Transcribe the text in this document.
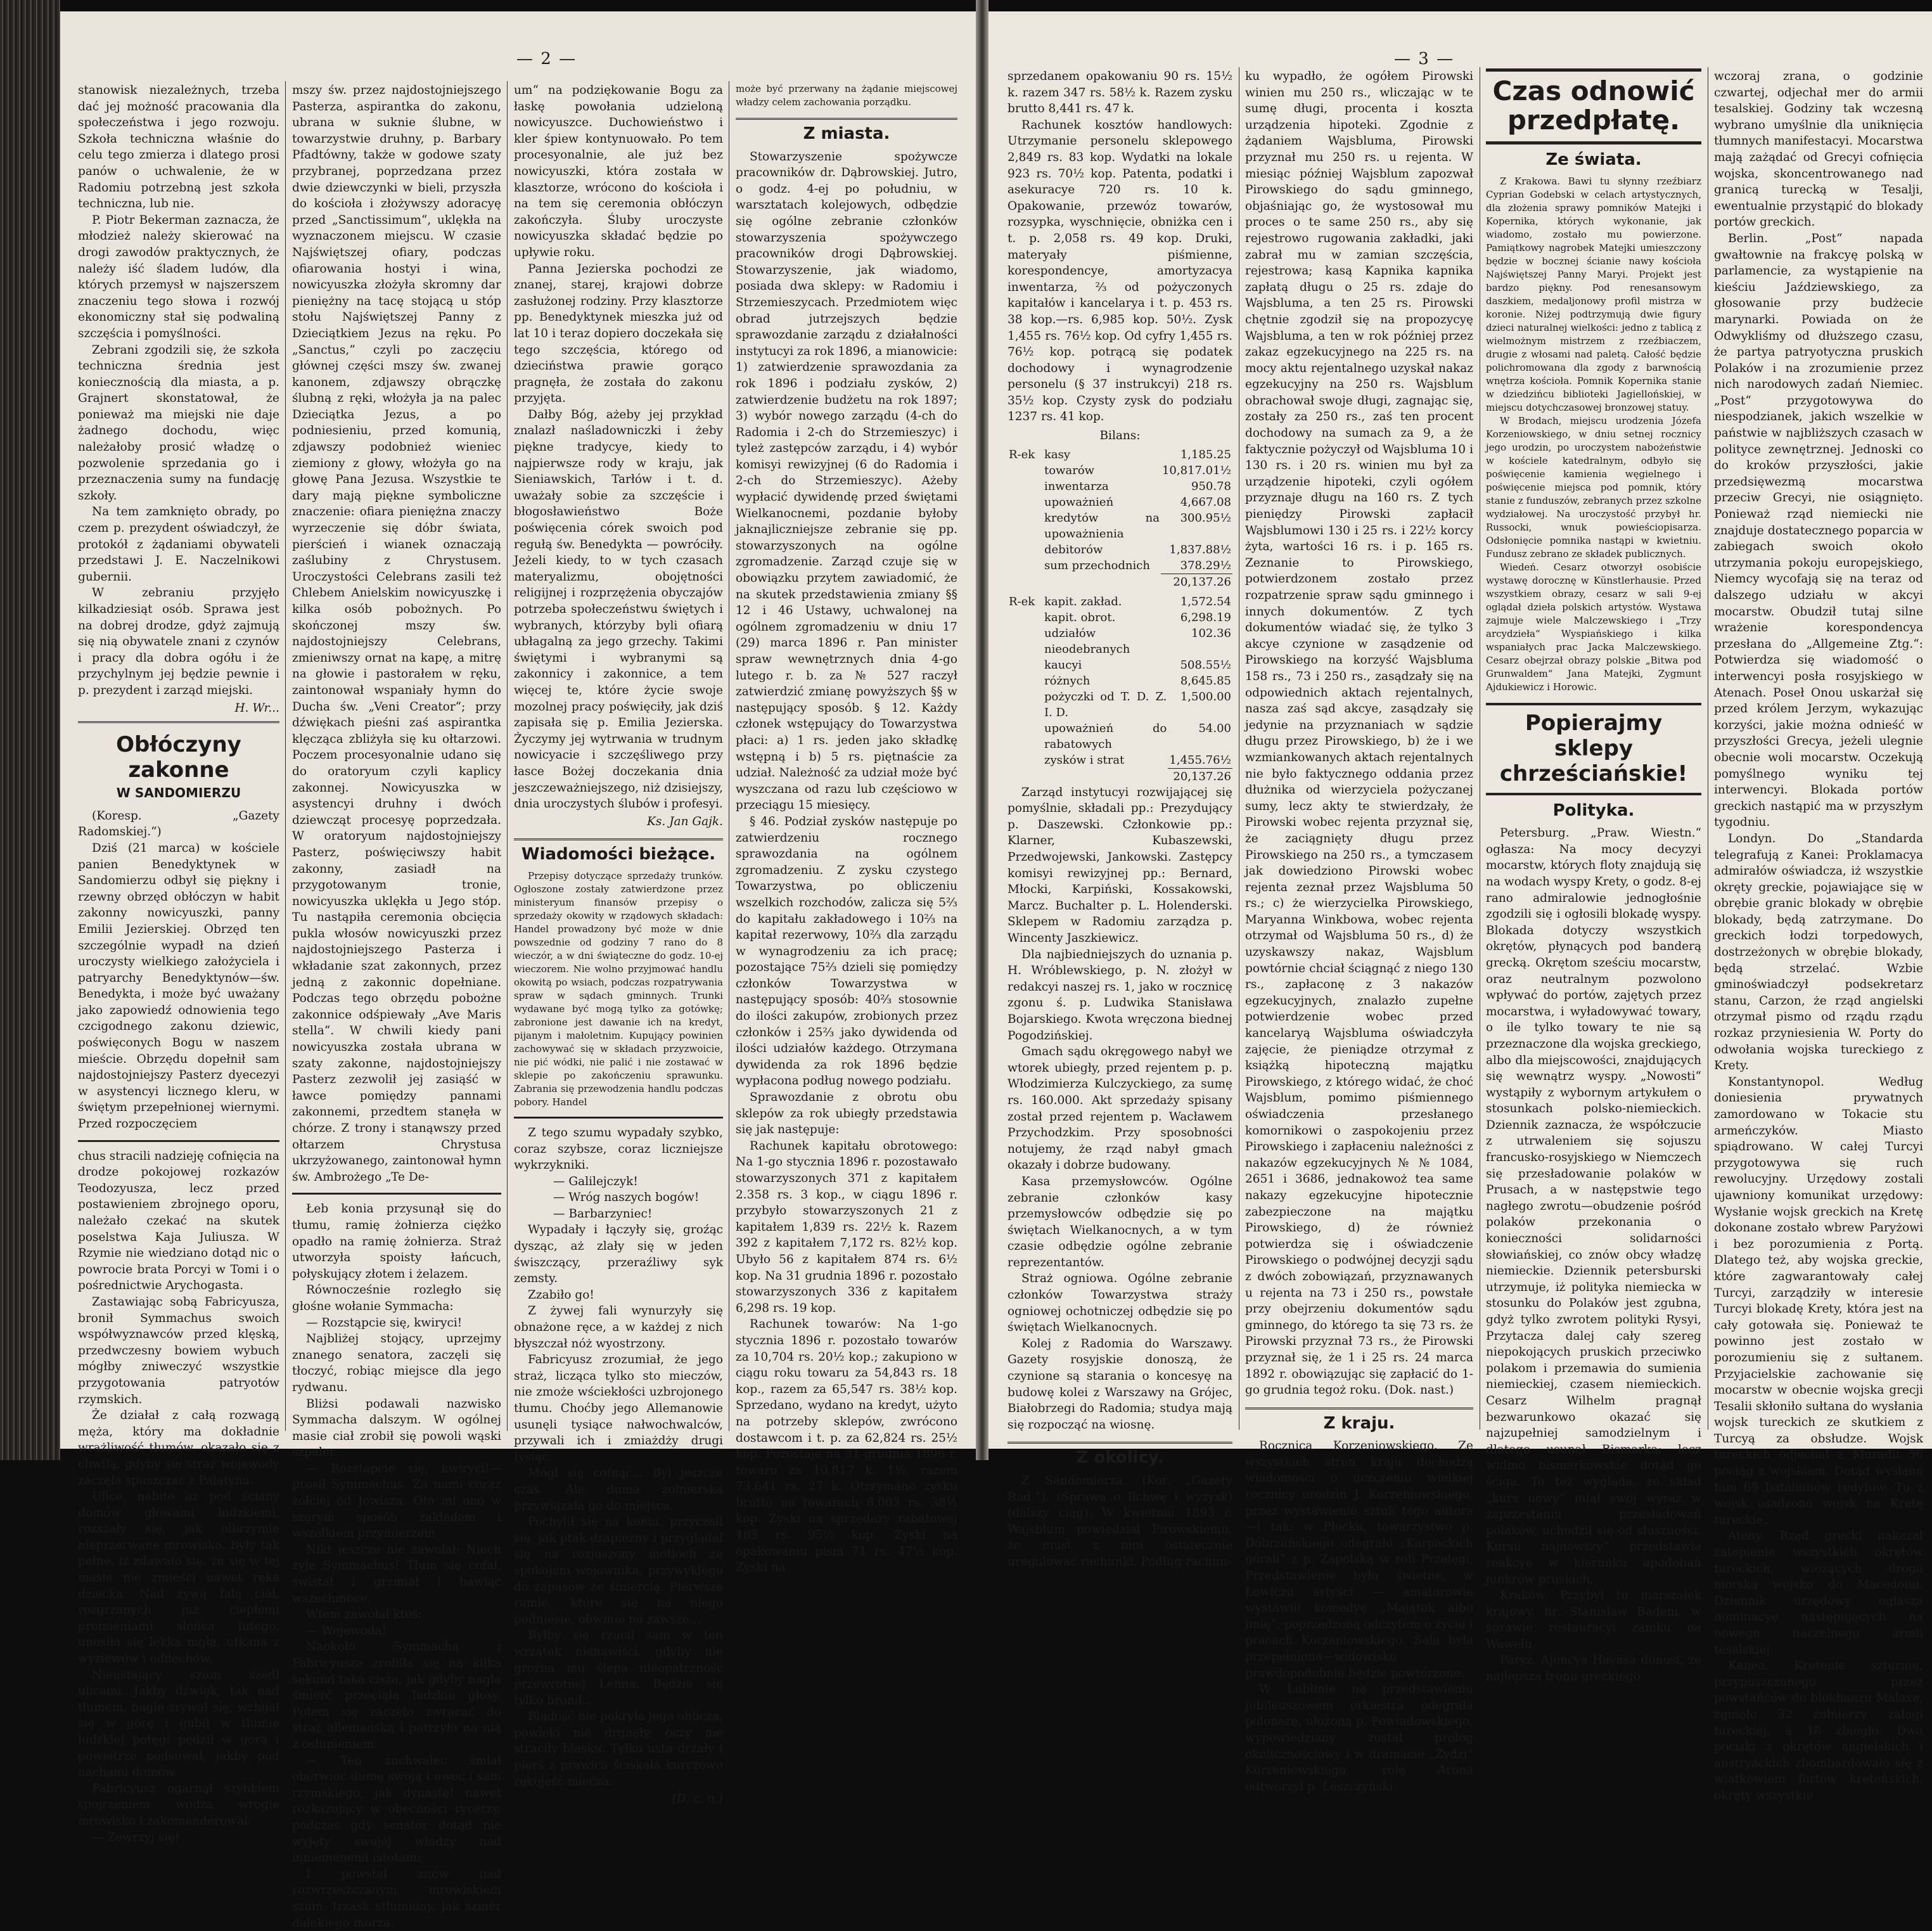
— 2 —

stanowisk niezależnych, trzeba dać jej możność pracowania dla społeczeństwa i jego rozwoju. Szkoła techniczna właśnie do celu tego zmierza i dlatego prosi panów o uchwalenie, że w Radomiu potrzebną jest szkoła techniczna, lub nie.

P. Piotr Bekerman zaznacza, że młodzież należy skierować na drogi zawodów praktycznych, że należy iść śladem ludów, dla których przemysł w najszerszem znaczeniu tego słowa i rozwój ekonomiczny stał się podwaliną szczęścia i pomyślności.

Zebrani zgodzili się, że szkoła techniczna średnia jest koniecznością dla miasta, a p. Grajnert skonstatował, że ponieważ ma miejski nie daje żadnego dochodu, więc należałoby prosić władzę o pozwolenie sprzedania go i przeznaczenia sumy na fundację szkoły.

Na tem zamknięto obrady, po czem p. prezydent oświadczył, że protokół z żądaniami obywateli przedstawi J. E. Naczelnikowi gubernii.

W zebraniu przyjęło kilkadziesiąt osób. Sprawa jest na dobrej drodze, gdyż zajmują się nią obywatele znani z czynów i pracy dla dobra ogółu i że przychylnym jej będzie pewnie i p. prezydent i zarząd miejski.

H. Wr...
Obłóczyny zakonne
W SANDOMIERZU

(Koresp. „Gazety Radomskiej.“)

Dziś (21 marca) w kościele panien Benedyktynek w Sandomierzu odbył się piękny i rzewny obrzęd obłóczyn w habit zakonny nowicyuszki, panny Emilii Jezierskiej. Obrzęd ten szczególnie wypadł na dzień uroczysty wielkiego założyciela i patryarchy Benedyktynów—św. Benedykta, i może być uważany jako zapowiedź odnowienia tego czcigodnego zakonu dziewic, poświęconych Bogu w naszem mieście. Obrzędu dopełnił sam najdostojniejszy Pasterz dyecezyi w asystencyi licznego kleru, w świętym przepełnionej wiernymi. Przed rozpoczęciem

chus stracili nadzieję cofnięcia na drodze pokojowej rozkazów Teodozyusza, lecz przed postawieniem zbrojnego oporu, należało czekać na skutek poselstwa Kaja Juliusza. W Rzymie nie wiedziano dotąd nic o powrocie brata Porcyi w Tomi i o pośrednictwie Arychogasta.

Zastawiając sobą Fabricyusza, bronił Symmachus swoich współwyznawców przed klęską, przedwczesny bowiem wybuch mógłby zniweczyć wszystkie przygotowania patryotów rzymskich.

Że działał z całą rozwagą męża, który ma dokładnie wrażliwość tłumów, okazało się z chwilą, gdyby się straż wojewody zaczęła spuszczać z Palatynu.

Ulice, nabite aż pod ściany domów głowami ludzkiemi, rozszały się, jak olbrzymie nieprzerwane mrowisko. Były tak pełne, iż zdawało się, że się w tej masie nie zmieści nawet ręka dziecka. Nad żywą falą ciał, rozgrzanych już ciepłemi promieniami słońca lutego, unosiła się lekka mgła, utkana z wyziewów i oddechów.

Nieustający szum szedł ulicami. Jakby dźwięk, tak nad tłumem, nagle zrywał się, wzbijał się w górę i gubił w tłumie ludzkiej potęgi pędził w gorą i powietrze podsuwał, jakby pod nachami domów.

Fabricyusz ogarnął szybkiem spojrzeniem wodza wrogie mrowisko i zakomenderował:

— Zewrzyj się!

mszy św. przez najdostojniejszego Pasterza, aspirantka do zakonu, ubrana w suknie ślubne, w towarzystwie druhny, p. Barbary Pfadtówny, także w godowe szaty przybranej, poprzedzana przez dwie dziewczynki w bieli, przyszła do kościoła i złożywszy adoracyę przed „Sanctissimum“, uklękła na wyznaczonem miejscu. W czasie Najświętszej ofiary, podczas ofiarowania hostyi i wina, nowicyuszka złożyła skromny dar pieniężny na tacę stojącą u stóp stołu Najświętszej Panny z Dzieciątkiem Jezus na ręku. Po „Sanctus,“ czyli po zaczęciu głównej części mszy św. zwanej kanonem, zdjawszy obrączkę ślubną z ręki, włożyła ja na palec Dzieciątka Jezus, a po podniesieniu, przed komunią, zdjawszy podobnież wieniec ziemiony z głowy, włożyła go na głowę Pana Jezusa. Wszystkie te dary mają piękne symboliczne znaczenie: ofiara pieniężna znaczy wyrzeczenie się dóbr świata, pierścień i wianek oznaczają zaślubiny z Chrystusem. Uroczystości Celebrans zasili też Chlebem Anielskim nowicyuszkę i kilka osób pobożnych. Po skończonej mszy św. najdostojniejszy Celebrans, zmieniwszy ornat na kapę, a mitrę na głowie i pastorałem w ręku, zaintonował wspaniały hymn do Ducha św. „Veni Creator“; przy dźwiękach pieśni zaś aspirantka klęcząca zbliżyła się ku ołtarzowi. Poczem procesyonalnie udano się do oratoryum czyli kaplicy zakonnej. Nowicyuszka w asystencyi druhny i dwóch dziewcząt procesyę poprzedzała. W oratoryum najdostojniejszy Pasterz, poświęciwszy habit zakonny, zasiadł na przygotowanym tronie, nowicyuszka uklękła u Jego stóp. Tu nastąpiła ceremonia obcięcia pukla włosów nowicyuszki przez najdostojniejszego Pasterza i wkładanie szat zakonnych, przez jedną z zakonnic dopełniane. Podczas tego obrzędu pobożne zakonnice odśpiewały „Ave Maris stella“. W chwili kiedy pani nowicyuszka została ubrana w szaty zakonne, najdostojniejszy Pasterz zezwolił jej zasiąść w ławce pomiędzy pannami zakonnemi, przedtem stanęła w chórze. Z trony i stanąwszy przed ołtarzem Chrystusa ukrzyżowanego, zaintonował hymn św. Ambrożego „Te De-

Łeb konia przysunął się do tłumu, ramię żołnierza ciężko opadło na ramię żołnierza. Straż utworzyła spoisty łańcuch, połyskujący złotem i żelazem.

Równocześnie rozległo się głośne wołanie Symmacha:

— Rozstąpcie się, kwiryci!

Najbliżej stojący, uprzejmy znanego senatora, zaczęli się tłoczyć, robiąc miejsce dla jego rydwanu.

Bliżsi podawali nazwisko Symmacha dalszym. W ogólnej masie ciał zrobił się powoli wąski szpaler.

— Rozstąpcie się, kwiryci!—prosił Symmachus. Za nami coraz żółciej od Jowisza. Oto mi ono w szarym sposób zakładem i wszelkiem przymierzem.

Nikt jeszcze nie zawołał: Niech żyje Symmachus! Tłum się cofał, świstał i grzmiał i bawiąc wszechmoce.

Wtem zawołał ktoś:

— Wojewoda!

Naokoło Symmacha i Fabricyusza zrobiła się na kilka sekund taka cisza, jak gdyby nagła śmierć przeciąła ludzkie głosy. Potem się zaczęło zwracać do straż allemańską i patrzyło na nią z osłupieniem.

— Ten zuchwalec śmiał oberwieć dumę swoją i owoc i sam rzymskiego, jak dynastę! nawet rozkazujący w obecności rycerzy, podczas gdy senator dotąd nie wyjęty swojej władzy nad mniemanemi istotami.

I powstał znów nad rozwrzeszczanym mrowiskiem szum, trzask stłumiony, jak szmer dalekiego morza.

um“ na podziękowanie Bogu za łaskę powołania udzieloną nowicyuszce. Duchowieństwo i kler śpiew kontynuowało. Po tem procesyonalnie, ale już bez nowicyuszki, która została w klasztorze, wrócono do kościoła i na tem się ceremonia obłóczyn zakończyła. Śluby uroczyste nowicyuszka składać będzie po upływie roku.

Panna Jezierska pochodzi ze znanej, starej, krajowi dobrze zasłużonej rodziny. Przy klasztorze pp. Benedyktynek mieszka już od lat 10 i teraz dopiero doczekała się tego szczęścia, którego od dzieciństwa prawie gorąco pragnęła, że została do zakonu przyjęta.

Dałby Bóg, ażeby jej przykład znalazł naśladowniczki i żeby piękne tradycye, kiedy to najpierwsze rody w kraju, jak Sieniawskich, Tarłów i t. d. uważały sobie za szczęście i błogosławieństwo Boże poświęcenia córek swoich pod regułą św. Benedykta — powróciły. Jeżeli kiedy, to w tych czasach materyalizmu, obojętności religijnej i rozprzężenia obyczajów potrzeba społeczeństwu świętych i wybranych, którzyby byli ofiarą ubłagalną za jego grzechy. Takimi świętymi i wybranymi są zakonnicy i zakonnice, a tem więcej te, które życie swoje mozolnej pracy poświęciły, jak dziś zapisała się p. Emilia Jezierska. Życzymy jej wytrwania w trudnym nowicyacie i szczęśliwego przy łasce Bożej doczekania dnia jeszczeważniejszego, niż dzisiejszy, dnia uroczystych ślubów i profesyi.

Ks. Jan Gajk.
Wiadomości bieżące.

Przepisy dotyczące sprzedaży trunków. Ogłoszone zostały zatwierdzone przez ministeryum finansów przepisy o sprzedaży okowity w rządowych składach: Handel prowadzony być może w dnie powszednie od godziny 7 rano do 8 wieczór, a w dni świąteczne do godz. 10-ej wieczorem. Nie wolno przyjmować handlu okowitą po wsiach, podczas rozpatrywania spraw w sądach gminnych. Trunki wydawane być mogą tylko za gotówkę; zabronione jest dawanie ich na kredyt, pijanym i małoletnim. Kupujący powinien zachowywać się w składach przyzwoicie, nie pić wódki, nie palić i nie zostawać w sklepie po zakończeniu sprawunku. Zabrania się przewodzenia handlu podczas pobory. Handel

Z tego szumu wypadały szybko, coraz szybsze, coraz liczniejsze wykrzykniki.

— Galilejczyk!

— Wróg naszych bogów!

— Barbarzyniec!

Wypadały i łączyły się, groźąc dysząc, aż zlały się w jeden świszczący, przeraźliwy syk zemsty.

Zzabiło go!

Z żywej fali wynurzyły się obnażone ręce, a w każdej z nich błyszczał nóż wyostrzony.

Fabricyusz zrozumiał, że jego straż, licząca tylko sto mieczów, nie zmoże wściekłości uzbrojonego tłumu. Choćby jego Allemanowie usunęli tysiące nałwochwalców, przywali ich i zmiażdży drugi tysiąc.

Mógł się cofnąć... Byl jeszcze czas. Ale duma żołnierska przywiązała go do miejsca.

Pochylił się na koniu, przyczaił się, jak ptak drapieżny i przyglądał się na rozjuszony motloch ze spokojem wojownika, przywykłego do zapasów ze śmiercią. Pierwsze ramię, które się na niego podniesie, obwinie na zawsze...

Byłby się rzucił sam w ten wrzątek nienawiści, gdyby nie groźna mu ślepa nieopatrzność przewrotnej Lenna. Będzie się tylko bronił...

Bladość nie pokryła jego oblicza, powieki nie drgnęły, oczy nie straciły blasku. Tylko usta drżały i pierś z prawica ściskała kurczowo rękojeść miecza.

(D. c. n.)

może być przerwany na żądanie miejscowej władzy celem zachowania porządku.

Z miasta.

Stowarzyszenie spożywcze pracowników dr. Dąbrowskiej. Jutro, o godz. 4-ej po południu, w warsztatach kolejowych, odbędzie się ogólne zebranie członków stowarzyszenia spożywczego pracowników drogi Dąbrowskiej. Stowarzyszenie, jak wiadomo, posiada dwa sklepy: w Radomiu i Strzemieszycach. Przedmiotem więc obrad jutrzejszych będzie sprawozdanie zarządu z działalności instytucyi za rok 1896, a mianowicie: 1) zatwierdzenie sprawozdania za rok 1896 i podziału zysków, 2) zatwierdzenie budżetu na rok 1897; 3) wybór nowego zarządu (4-ch do Radomia i 2-ch do Strzemieszyc) i tyleż zastępców zarządu, i 4) wybór komisyi rewizyjnej (6 do Radomia i 2-ch do Strzemieszyc). Ażeby wypłacić dywidendę przed świętami Wielkanocnemi, pozdanie byłoby jaknajliczniejsze zebranie się pp. stowarzyszonych na ogólne zgromadzenie. Zarząd czuje się w obowiązku przytem zawiadomić, że na skutek przedstawienia zmiany §§ 12 i 46 Ustawy, uchwalonej na ogólnem zgromadzeniu w dniu 17 (29) marca 1896 r. Pan minister spraw wewnętrznych dnia 4-go lutego r. b. za № 527 raczył zatwierdzić zmianę powyższych §§ w następujący sposób. § 12. Każdy członek wstępujący do Towarzystwa płaci: a) 1 rs. jeden jako składkę wstępną i b) 5 rs. piętnaście za udział. Należność za udział może być wyszczana od razu lub częściowo w przeciągu 15 miesięcy.

§ 46. Podział zysków następuje po zatwierdzeniu rocznego sprawozdania na ogólnem zgromadzeniu. Z zysku czystego Towarzystwa, po obliczeniu wszelkich rozchodów, zalicza się 5⅔ do kapitału zakładowego i 10⅔ na kapitał rezerwowy, 10⅔ dla zarządu w wynagrodzeniu za ich pracę; pozostające 75⅔ dzieli się pomiędzy członków Towarzystwa w następujący sposób: 40⅔ stosownie do ilości zakupów, zrobionych przez członków i 25⅔ jako dywidenda od ilości udziałów każdego. Otrzymana dywidenda za rok 1896 będzie wypłacona podług nowego podziału.

Sprawozdanie z obrotu obu sklepów za rok ubiegły przedstawia się jak następuje:

Rachunek kapitału obrotowego: Na 1-go stycznia 1896 r. pozostawało stowarzyszonych 371 z kapitałem 2.358 rs. 3 kop., w ciągu 1896 r. przybyło stowarzyszonych 21 z kapitałem 1,839 rs. 22½ k. Razem 392 z kapitałem 7,172 rs. 82½ kop. Ubyło 56 z kapitałem 874 rs. 6½ kop. Na 31 grudnia 1896 r. pozostało stowarzyszonych 336 z kapitałem 6,298 rs. 19 kop.

Rachunek towarów: Na 1-go stycznia 1896 r. pozostało towarów za 10,704 rs. 20½ kop.; zakupiono w ciągu roku towaru za 54,843 rs. 18 kop., razem za 65,547 rs. 38½ kop. Sprzedano, wydano na kredyt, użyto na potrzeby sklepów, zwrócono dostawcom i t. p. za 62,824 rs. 25½ kop. Pozostaje na 31 grudnia 1896 r. towaru za 10,817 k. 1½, razem 73,641 rs. 27 k. Otrzymano zysku brutto na towarach 8,003 rs. 38½ kop. Zyski na sprzedaży rabatowej 185 rs. 95½ kop. Zyski na opakowaniu pism 71 rs. 47½ kop. Zyski na

— 3 —

sprzedanem opakowaniu 90 rs. 15½ k. razem 347 rs. 58½ k. Razem zysku brutto 8,441 rs. 47 k.

Rachunek kosztów handlowych: Utrzymanie personelu sklepowego 2,849 rs. 83 kop. Wydatki na lokale 923 rs. 70½ kop. Patenta, podatki i asekuracye 720 rs. 10 k. Opakowanie, przewóz towarów, rozsypka, wyschnięcie, obniżka cen i t. p. 2,058 rs. 49 kop. Druki, materyały piśmienne, korespondencye, amortyzacya inwentarza, ⅔ od pożyczonych kapitałów i kancelarya i t. p. 453 rs. 38 kop.—rs. 6,985 kop. 50½. Zysk 1,455 rs. 76½ kop. Od cyfry 1,455 rs. 76½ kop. potrącą się podatek dochodowy i wynagrodzenie personelu (§ 37 instrukcyi) 218 rs. 35½ kop. Czysty zysk do podziału 1237 rs. 41 kop.

Bilans:
R-ek	kasy	1,185.25
	towarów	10,817.01½
	inwentarza	950.78
	upoważnień	4,667.08
	kredytów na upoważnienia	300.95½
	debitorów	1,837.88½
	sum przechodnich	378.29½
		20,137.26
R-ek	kapit. zakład.	1,572.54
	kapit. obrot.	6,298.19
	udziałów nieodebranych	102.36
	kaucyi	508.55½
	różnych	8,645.85
	pożyczki od T. D. Z. I. D.	1,500.00
	upoważnień do rabatowych	54.00
	zysków i strat	1,455.76½
		20,137.26

Zarząd instytucyi rozwijającej się pomyślnie, składali pp.: Prezydujący p. Daszewski. Członkowie pp.: Klarner, Kubaszewski, Przedwojewski, Jankowski. Zastępcy komisyi rewizyjnej pp.: Bernard, Młocki, Karpiński, Kossakowski, Marcz. Buchalter p. L. Holenderski. Sklepem w Radomiu zarządza p. Wincenty Jaszkiewicz.

Dla najbiedniejszych do uznania p. H. Wróblewskiego, p. N. złożył w redakcyi naszej rs. 1, jako w rocznicę zgonu ś. p. Ludwika Stanisława Bojarskiego. Kwota wręczona biednej Pogodzińskiej.

Gmach sądu okręgowego nabył we wtorek ubiegły, przed rejentem p. p. Włodzimierza Kulczyckiego, za sumę rs. 160.000. Akt sprzedaży spisany został przed rejentem p. Wacławem Przychodzkim. Przy sposobności notujemy, że rząd nabył gmach okazały i dobrze budowany.

Kasa przemysłowców. Ogólne zebranie członków kasy przemysłowców odbędzie się po świętach Wielkanocnych, a w tym czasie odbędzie ogólne zebranie reprezentantów.

Straż ogniowa. Ogólne zebranie członków Towarzystwa straży ogniowej ochotniczej odbędzie się po świętach Wielkanocnych.

Kolej z Radomia do Warszawy. Gazety rosyjskie donoszą, że czynione są starania o koncesyę na budowę kolei z Warszawy na Grójec, Białobrzegi do Radomia; studya mają się rozpocząć na wiosnę.

Z okolicy.

Z Sandomierza. (Kor. „Gazety Rad.“). (Sprawa o lichwę i wyzysk) (dalszy ciąg). W kwietniu 1893 r. Wajsblum powiedział Pirowskiemu, że musi z nim ostatecznie uregulować rachunki. Podług rachun-

ku wypadło, że ogółem Pirowski winien mu 250 rs., wliczając w te sumę długi, procenta i koszta urządzenia hipoteki. Zgodnie z żądaniem Wajsbluma, Pirowski przyznał mu 250 rs. u rejenta. W miesiąc później Wajsblum zapozwał Pirowskiego do sądu gminnego, objaśniając go, że wystosował mu proces o te same 250 rs., aby się rejestrowo rugowania zakładki, jaki zabrał mu w zamian szczęścia, rejestrowa; kasą Kapnika kapnika zapłatą długu o 25 rs. zdaje do Wajsbluma, a ten 25 rs. Pirowski chętnie zgodził się na propozycyę Wajsbluma, a ten w rok później przez zakaz egzekucyjnego na 225 rs. na mocy aktu rejentalnego uzyskał nakaz egzekucyjny na 250 rs. Wajsblum obrachował swoje długi, zagnając się, zostały za 250 rs., zaś ten procent dochodowy na sumach za 9, a że faktycznie pożyczył od Wajsbluma 10 i 130 rs. i 20 rs. winien mu był za urządzenie hipoteki, czyli ogółem przyznaje długu na 160 rs. Z tych pieniędzy Pirowski zapłacił Wajsblumowi 130 i 25 rs. i 22½ korcy żyta, wartości 16 rs. i p. 165 rs. Zeznanie to Pirowskiego, potwierdzonem zostało przez rozpatrzenie spraw sądu gminnego i innych dokumentów. Z tych dokumentów wiadać się, że tylko 3 akcye czynione w zasądzenie od Pirowskiego na korzyść Wajsbluma 158 rs., 73 i 250 rs., zasądzały się na odpowiednich aktach rejentalnych, nasza zaś sąd akcye, zasądzały się jedynie na przyznaniach w sądzie długu przez Pirowskiego, b) że i we wzmiankowanych aktach rejentalnych nie było faktycznego oddania przez dłużnika od wierzyciela pożyczanej sumy, lecz akty te stwierdzały, że Pirowski wobec rejenta przyznał się, że zaciągnięty długu przez Pirowskiego na 250 rs., a tymczasem jak dowiedziono Pirowski wobec rejenta zeznał przez Wajsbluma 50 rs.; c) że wierzycielka Pirowskiego, Maryanna Winkbowa, wobec rejenta otrzymał od Wajsbluma 50 rs., d) że uzyskawszy nakaz, Wajsblum powtórnie chciał ściągnąć z niego 130 rs., zapłaconę z 3 nakazów egzekucyjnych, znalazło zupełne potwierdzenie wobec przed kancelaryą Wajsbluma oświadczyła zajęcie, że pieniądze otrzymał z książką hipoteczną majątku Pirowskiego, z którego widać, że choć Wajsblum, pomimo piśmiennego oświadczenia przesłanego komornikowi o zaspokojeniu przez Pirowskiego i zapłaceniu należności z nakazów egzekucyjnych № № 1084, 2651 i 3686, jednakowoż tea same nakazy egzekucyjne hipotecznie zabezpieczone na majątku Pirowskiego, d) że również potwierdza się i oświadczenie Pirowskiego o podwójnej decyzji sądu z dwóch zobowiązań, przyznawanych u rejenta na 73 i 250 rs., powstałe przy obejrzeniu dokumentów sądu gminnego, do którego ta się 73 rs. że Pirowski przyznał 73 rs., że Pirowski przyznał się, że 1 i 25 rs. 24 marca 1892 r. obowiązując się zapłacić do 1-go grudnia tegoż roku. (Dok. nast.)

Z kraju.

Rocznica Korzeniowskiego. Ze wszystkich stron kraju dochodzą wiadomości o uczczeniu wielkiej rocznicy urodzin J. Korzeniowskiego, przez wystawienie sztuk tego autora—i tak: w Płocku, towarzystwo p. Dobrzańskiego odegrało „Karpackich górali“ z p. Zapolską w roli Przełęgi, Przedstawienie było świetne, w Łowiczu artyści — amatorowie wystawili komedyę „Majątek albo imię“, poprzedzoną odczytem o życiu i pracach Korzeniowskiego. Sala była przepełniona—widowisko prawdopodobnie będzie powtórzone.

W Lublinie na przedstawieniu jubileuszowem orkiestra odegrała polonezę, ułożoną p. Powiadowskiego, wypowiedziany został prolog okolicznościowy i w dramacie „Żydzi“ Korzeniowskiego, rolę Arona odtworzył p. Leszczyński.

Czas odnowić przedpłatę.
Ze świata.

Z Krakowa. Bawi tu słynny rzeźbiarz Cyprian Godebski w celach artystycznych, dla złożenia sprawy pomników Matejki i Kopernika, których wykonanie, jak wiadomo, zostało mu powierzone. Pamiątkowy nagrobek Matejki umieszczony będzie w bocznej ścianie nawy kościoła Najświętszej Panny Maryi. Projekt jest bardzo piękny. Pod renesansowym daszkiem, medaljonowy profil mistrza w koronie. Niżej podtrzymują dwie figury dzieci naturalnej wielkości: jedno z tablicą z wielmożnym mistrzem z rzeźbiaczem, drugie z włosami nad paletą. Całość będzie polichromowana dla zgody z barwnością wnętrza kościoła. Pomnik Kopernika stanie w dziedzińcu biblioteki Jagiellońskiej, w miejscu dotychczasowej bronzowej statuy.

W Brodach, miejscu urodzenia Józefa Korzeniowskiego, w dniu setnej rocznicy jego urodzin, po uroczystem nabożeństwie w kościele katedralnym, odbyło się poświęcenie kamienia węgielnego i poświęcenie miejsca pod pomnik, który stanie z funduszów, zebranych przez szkolne wydziałowej. Na uroczystość przybył hr. Russocki, wnuk powieściopisarza. Odsłonięcie pomnika nastąpi w kwietniu. Fundusz zebrano ze składek publicznych.

Wiedeń. Cesarz otworzył osobiście wystawę dorocznę w Künstlerhausie. Przed wszystkiem obrazy, cesarz w sali 9-ej oglądał dzieła polskich artystów. Wystawa zajmuje wiele Malczewskiego i „Trzy arcydzieła“ Wyspiańskiego i kilka wspaniałych prac Jacka Malczewskiego. Cesarz obejrzał obrazy polskie „Bitwa pod Grunwaldem“ Jana Matejki, Zygmunt Ajdukiewicz i Horowic.

Popierajmy sklepy chrześciańskie!
Polityka.

Petersburg. „Praw. Wiestn.“ ogłasza: Na mocy decyzyi mocarstw, których floty znajdują się na wodach wyspy Krety, o godz. 8-ej rano admiralowie jednogłośnie zgodzili się i ogłosili blokadę wyspy. Blokada dotyczy wszystkich okrętów, płynących pod banderą grecką. Okrętom sześciu mocarstw, oraz neutralnym pozwolono wpływać do portów, zajętych przez mocarstwa, i wyładowywać towary, o ile tylko towary te nie są przeznaczone dla wojska greckiego, albo dla miejscowości, znajdujących się wewnątrz wyspy. „Nowosti“ wystąpiły z wybornym artykułem o stosunkach polsko-niemieckich. Dziennik zaznacza, że współczucie z utrwaleniem się sojuszu francusko-rosyjskiego w Niemczech się przesładowanie polaków w Prusach, a w następstwie tego nagłego zwrotu—obudzenie pośród polaków przekonania o konieczności solidarności słowiańskiej, co znów obcy władzę niemieckie. Dziennik petersburski utrzymuje, iż polityka niemiecka w stosunku do Polaków jest zgubna, gdyż tylko zwrotem polityki Rysyi, Przytacza dalej cały szereg niepokojących pruskich przeciwko polakom i przemawia do sumienia niemieckiej, czasem niemieckich. Cesarz Wilhelm pragnął bezwarunkowo okazać się najzupełniej samodzielnym i dlatego usunął Bismarka; lecz widmo bismarkowskie dotąd go ściga. To też wygląda, że skład „kurs nowy“ miał swój wyraz w zaprzestaniu przesładowań polaków, uchodził się od słuszności. Kursu najnowszy“ przedstawia reakcyę w kierunku upodobań junkrów pruskich.

Kraków. Przybył tu marszałek krajowy, hr. Stanisław Badeni, w sprawie restauracyi zamku na Wawelu.

Paryż. Ajencya Havasa donosi, że najlepsza tronu greckiego

wczoraj zrana, o godzinie czwartej, odjechał mer do armii tesalskiej. Godziny tak wczesną wybrano umyślnie dla uniknięcia tłumnych manifestacyi. Mocarstwa mają zażądać od Grecyi cofnięcia wojska, skoncentrowanego nad granicą turecką w Tesalji, ewentualnie przystąpić do blokady portów greckich.

Berlin. „Post“ napada gwałtownie na frakcyę polską w parlamencie, za wystąpienie na kieściu Jaździewskiego, za głosowanie przy budżecie marynarki. Powiada on że Odwykliśmy od dłuższego czasu, że partya patryotyczna pruskich Polaków i na zrozumienie przez nich narodowych zadań Niemiec. „Post“ przygotowywa do niespodzianek, jakich wszelkie w państwie w najbliższych czasach w polityce zewnętrznej. Jednoski co do kroków przyszłości, jakie przedsięwezmą mocarstwa przeciw Grecyi, nie osiągnięto. Ponieważ rząd niemiecki nie znajduje dostatecznego poparcia w zabiegach swoich około utrzymania pokoju europejskiego, Niemcy wycofają się na teraz od dalszego udziału w akcyi mocarstw. Obudził tutaj silne wrażenie korespondencya przesłana do „Allgemeine Ztg.“: Potwierdza się wiadomość o interwencyi posła rosyjskiego w Atenach. Poseł Onou uskarżał się przed królem Jerzym, wykazując korzyści, jakie można odnieść w przyszłości Grecya, jeżeli ulegnie obecnie woli mocarstw. Oczekują pomyślnego wyniku tej interwencyi. Blokada portów greckich nastąpić ma w przyszłym tygodniu.

Londyn. Do „Standarda telegrafują z Kanei: Proklamacya admirałów oświadcza, iż wszystkie okręty greckie, pojawiające się w obrębie granic blokady w obrębie blokady, będą zatrzymane. Do greckich łodzi torpedowych, dostrzeżonych w obrębie blokady, będą strzelać. Wzbie gminoświadczył podsekretarz stanu, Carzon, że rząd angielski otrzymał pismo od rządu rządu rozkaz przyniesienia W. Porty do odwołania wojska tureckiego z Krety.

Konstantynopol. Według doniesienia prywatnych zamordowano w Tokacie stu armeńczyków. Miasto spiądrowano. W całej Turcyi przygotowywa się ruch rewolucyjny. Urzędowy zostali ujawniony komunikat urzędowy: Wysłanie wojsk greckich na Kretę dokonane zostało wbrew Paryżowi i bez porozumienia z Portą. Dlatego też, aby wojska greckie, które zagwarantowały całej Turcyi, zarządziły w interesie Turcyi blokadę Krety, która jest na cały gotowała się. Ponieważ te powinno jest zostało w porozumieniu się z sułtanem. Przyjacielskie zachowanie się mocarstw w obecnie wojska grecji Tesalii skłoniło sułtana do wysłania wojsk tureckich ze skutkiem z Turcyą za obsłudze. Wojsk tureckich odjechał z Muradii 56 pociąg z wojskiem. Dotąd wysłano tam 69 batalionów redyfów. Tu z wojsk osadzono wojsk na Kretę tureckie.

Ateny. Rząd grecki nakazał zatopienie wszystkich okrętów tureckich, wiozących droga morską wojsko do Macedonii. Dziennik urzędowy ogłasza nominacyę następujących na nowego naczelnego armii tesalskiej.

Kanea. Kretenie szturmu, przypuszczonego przez powstańców do blokhanzu Malaxa, zginęło 32 żołnierzy załogi tureckiej, a 18 zbiegło. Dwa pociski z okrętów angielskich i austryackich zbombardowało się z wiatkowiem fortów kreteńskich, okręty wszystkie
